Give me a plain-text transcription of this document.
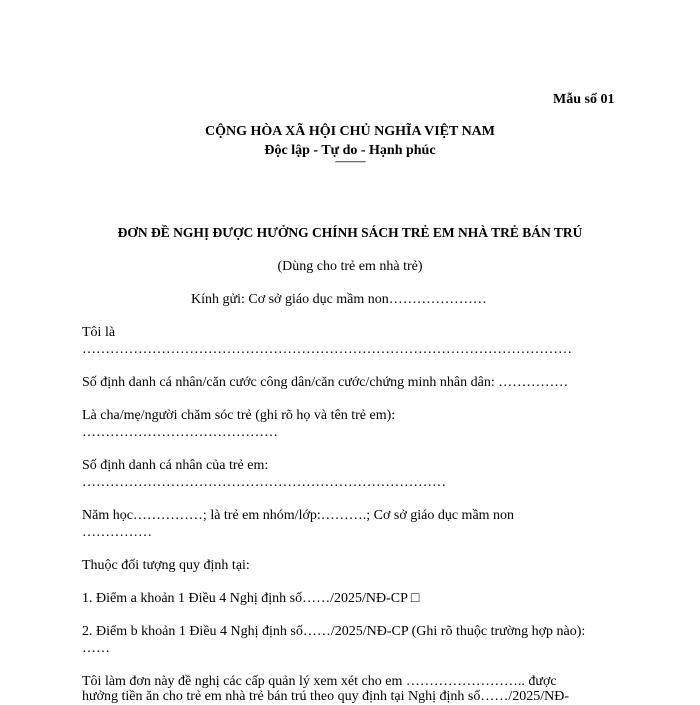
Mẫu số 01
CỘNG HÒA XÃ HỘI CHỦ NGHĨA VIỆT NAM
Độc lập - Tự do - Hạnh phúc
---------------
ĐƠN ĐỀ NGHỊ ĐƯỢC HƯỞNG CHÍNH SÁCH TRẺ EM NHÀ TRẺ BÁN TRÚ
(Dùng cho trẻ em nhà trẻ)
Kính gửi: Cơ sở giáo dục mầm non…………………
Tôi là
……………………………………………………………………………………………
Số định danh cá nhân/căn cước công dân/căn cước/chứng minh nhân dân: ……………
Là cha/mẹ/người chăm sóc trẻ (ghi rõ họ và tên trẻ em):
……………………………………
Số định danh cá nhân của trẻ em:
……………………………………………………………………
Năm học……………; là trẻ em nhóm/lớp:……….; Cơ sở giáo dục mầm non
……………
Thuộc đối tượng quy định tại:
1. Điểm a khoản 1 Điều 4 Nghị định số……/2025/NĐ-CP □
2. Điểm b khoản 1 Điều 4 Nghị định số……/2025/NĐ-CP (Ghi rõ thuộc trường hợp nào):
……
Tôi làm đơn này đề nghị các cấp quản lý xem xét cho em …………………….. được
hưởng tiền ăn cho trẻ em nhà trẻ bán trú theo quy định tại Nghị định số……/2025/NĐ-
